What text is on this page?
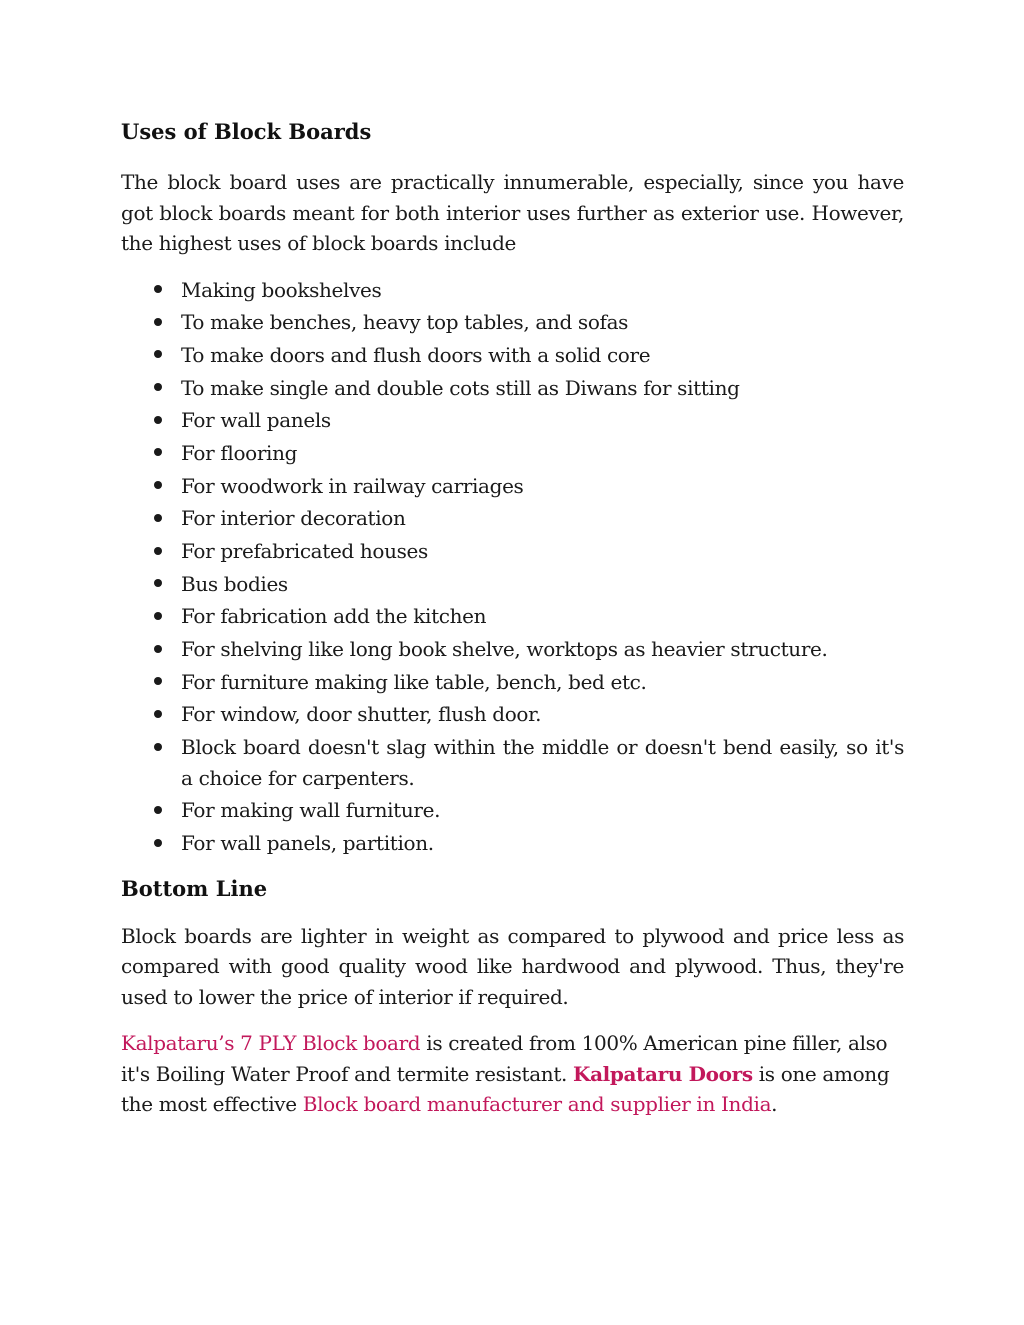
Uses of Block Boards

The block board uses are practically innumerable, especially, since you have got block boards meant for both interior uses further as exterior use. However, the highest uses of block boards include

Making bookshelves
To make benches, heavy top tables, and sofas
To make doors and flush doors with a solid core
To make single and double cots still as Diwans for sitting
For wall panels
For flooring
For woodwork in railway carriages
For interior decoration
For prefabricated houses
Bus bodies
For fabrication add the kitchen
For shelving like long book shelve, worktops as heavier structure.
For furniture making like table, bench, bed etc.
For window, door shutter, flush door.
Block board doesn't slag within the middle or doesn't bend easily, so it's a choice for carpenters.
For making wall furniture.
For wall panels, partition.
Bottom Line

Block boards are lighter in weight as compared to plywood and price less as compared with good quality wood like hardwood and plywood. Thus, they're used to lower the price of interior if required.

Kalpataru’s 7 PLY Block board is created from 100% American pine filler, also it's Boiling Water Proof and termite resistant. Kalpataru Doors is one among the most effective Block board manufacturer and supplier in India.
